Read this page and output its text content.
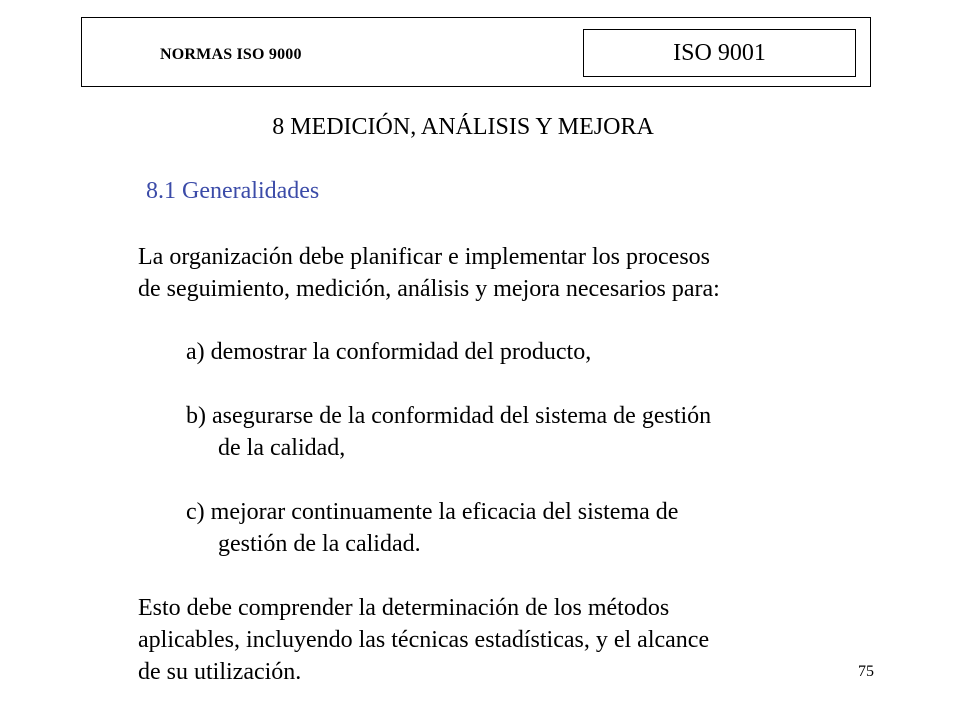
NORMAS ISO 9000	ISO 9001
8 MEDICIÓN, ANÁLISIS Y MEJORA
8.1 Generalidades
La organización debe planificar e implementar los procesos
de seguimiento, medición, análisis y mejora necesarios para:
a) demostrar la conformidad del producto,
b) asegurarse de la conformidad del sistema de gestión
de la calidad,
c) mejorar continuamente la eficacia del sistema de
gestión de la calidad.
Esto debe comprender la determinación de los métodos
aplicables, incluyendo las técnicas estadísticas, y el alcance
de su utilización.	75
